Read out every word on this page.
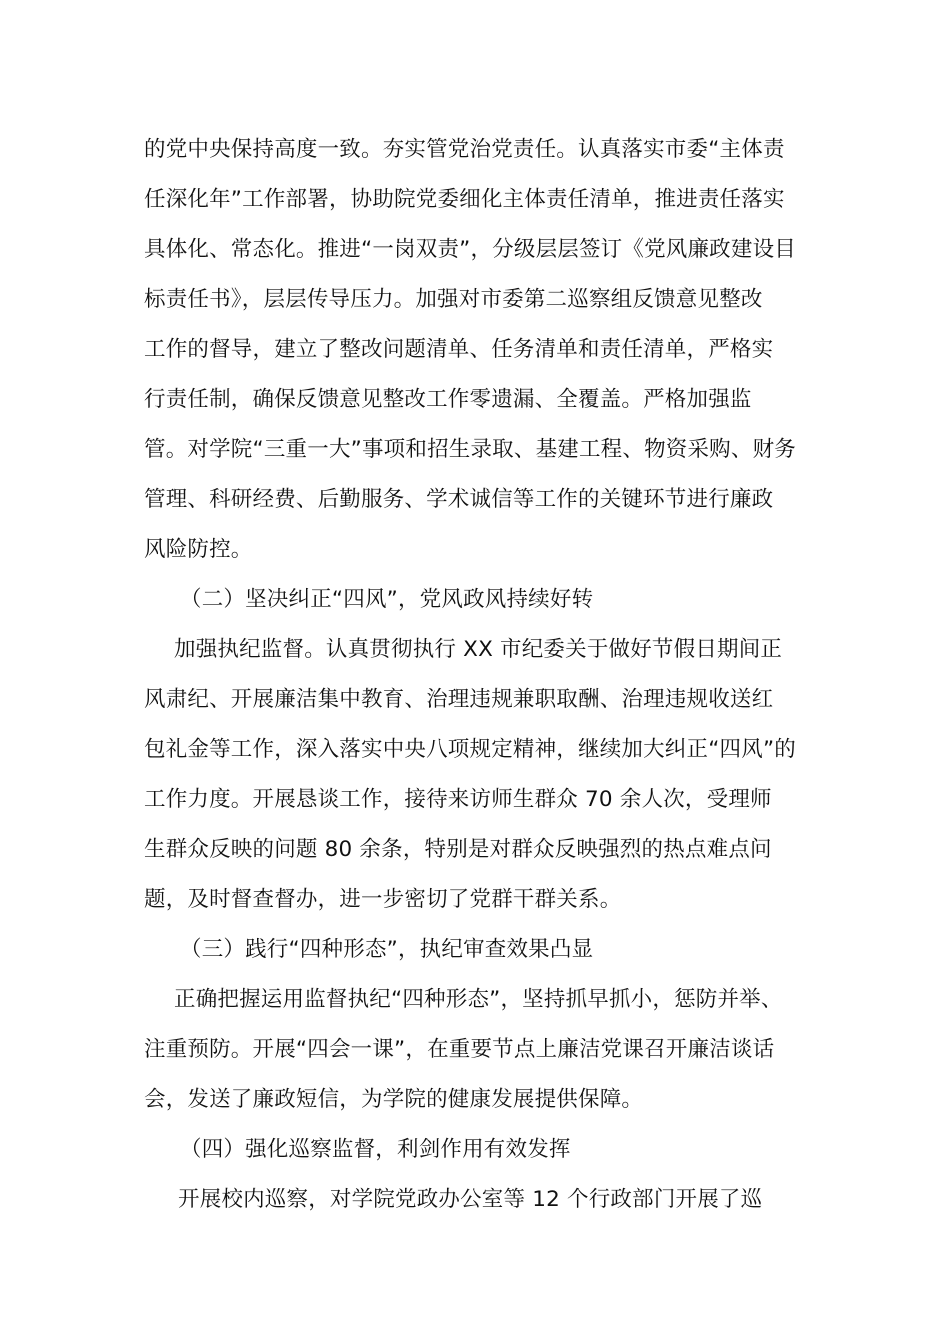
的党中央保持高度一致。夯实管党治党责任。认真落实市委“主体责
任深化年”工作部署，协助院党委细化主体责任清单，推进责任落实
具体化、常态化。推进“一岗双责”，分级层层签订《党风廉政建设目
标责任书》，层层传导压力。加强对市委第二巡察组反馈意见整改
工作的督导，建立了整改问题清单、任务清单和责任清单，严格实
行责任制，确保反馈意见整改工作零遗漏、全覆盖。严格加强监
管。对学院“三重一大”事项和招生录取、基建工程、物资采购、财务
管理、科研经费、后勤服务、学术诚信等工作的关键环节进行廉政
风险防控。
（二）坚决纠正“四风”，党风政风持续好转
加强执纪监督。认真贯彻执行 XX 市纪委关于做好节假日期间正
风肃纪、开展廉洁集中教育、治理违规兼职取酬、治理违规收送红
包礼金等工作，深入落实中央八项规定精神，继续加大纠正“四风”的
工作力度。开展恳谈工作，接待来访师生群众 70 余人次，受理师
生群众反映的问题 80 余条，特别是对群众反映强烈的热点难点问
题，及时督查督办，进一步密切了党群干群关系。
（三）践行“四种形态”，执纪审查效果凸显
正确把握运用监督执纪“四种形态”，坚持抓早抓小，惩防并举、
注重预防。开展“四会一课”，在重要节点上廉洁党课召开廉洁谈话
会，发送了廉政短信，为学院的健康发展提供保障。
（四）强化巡察监督，利剑作用有效发挥
开展校内巡察，对学院党政办公室等 12 个行政部门开展了巡
